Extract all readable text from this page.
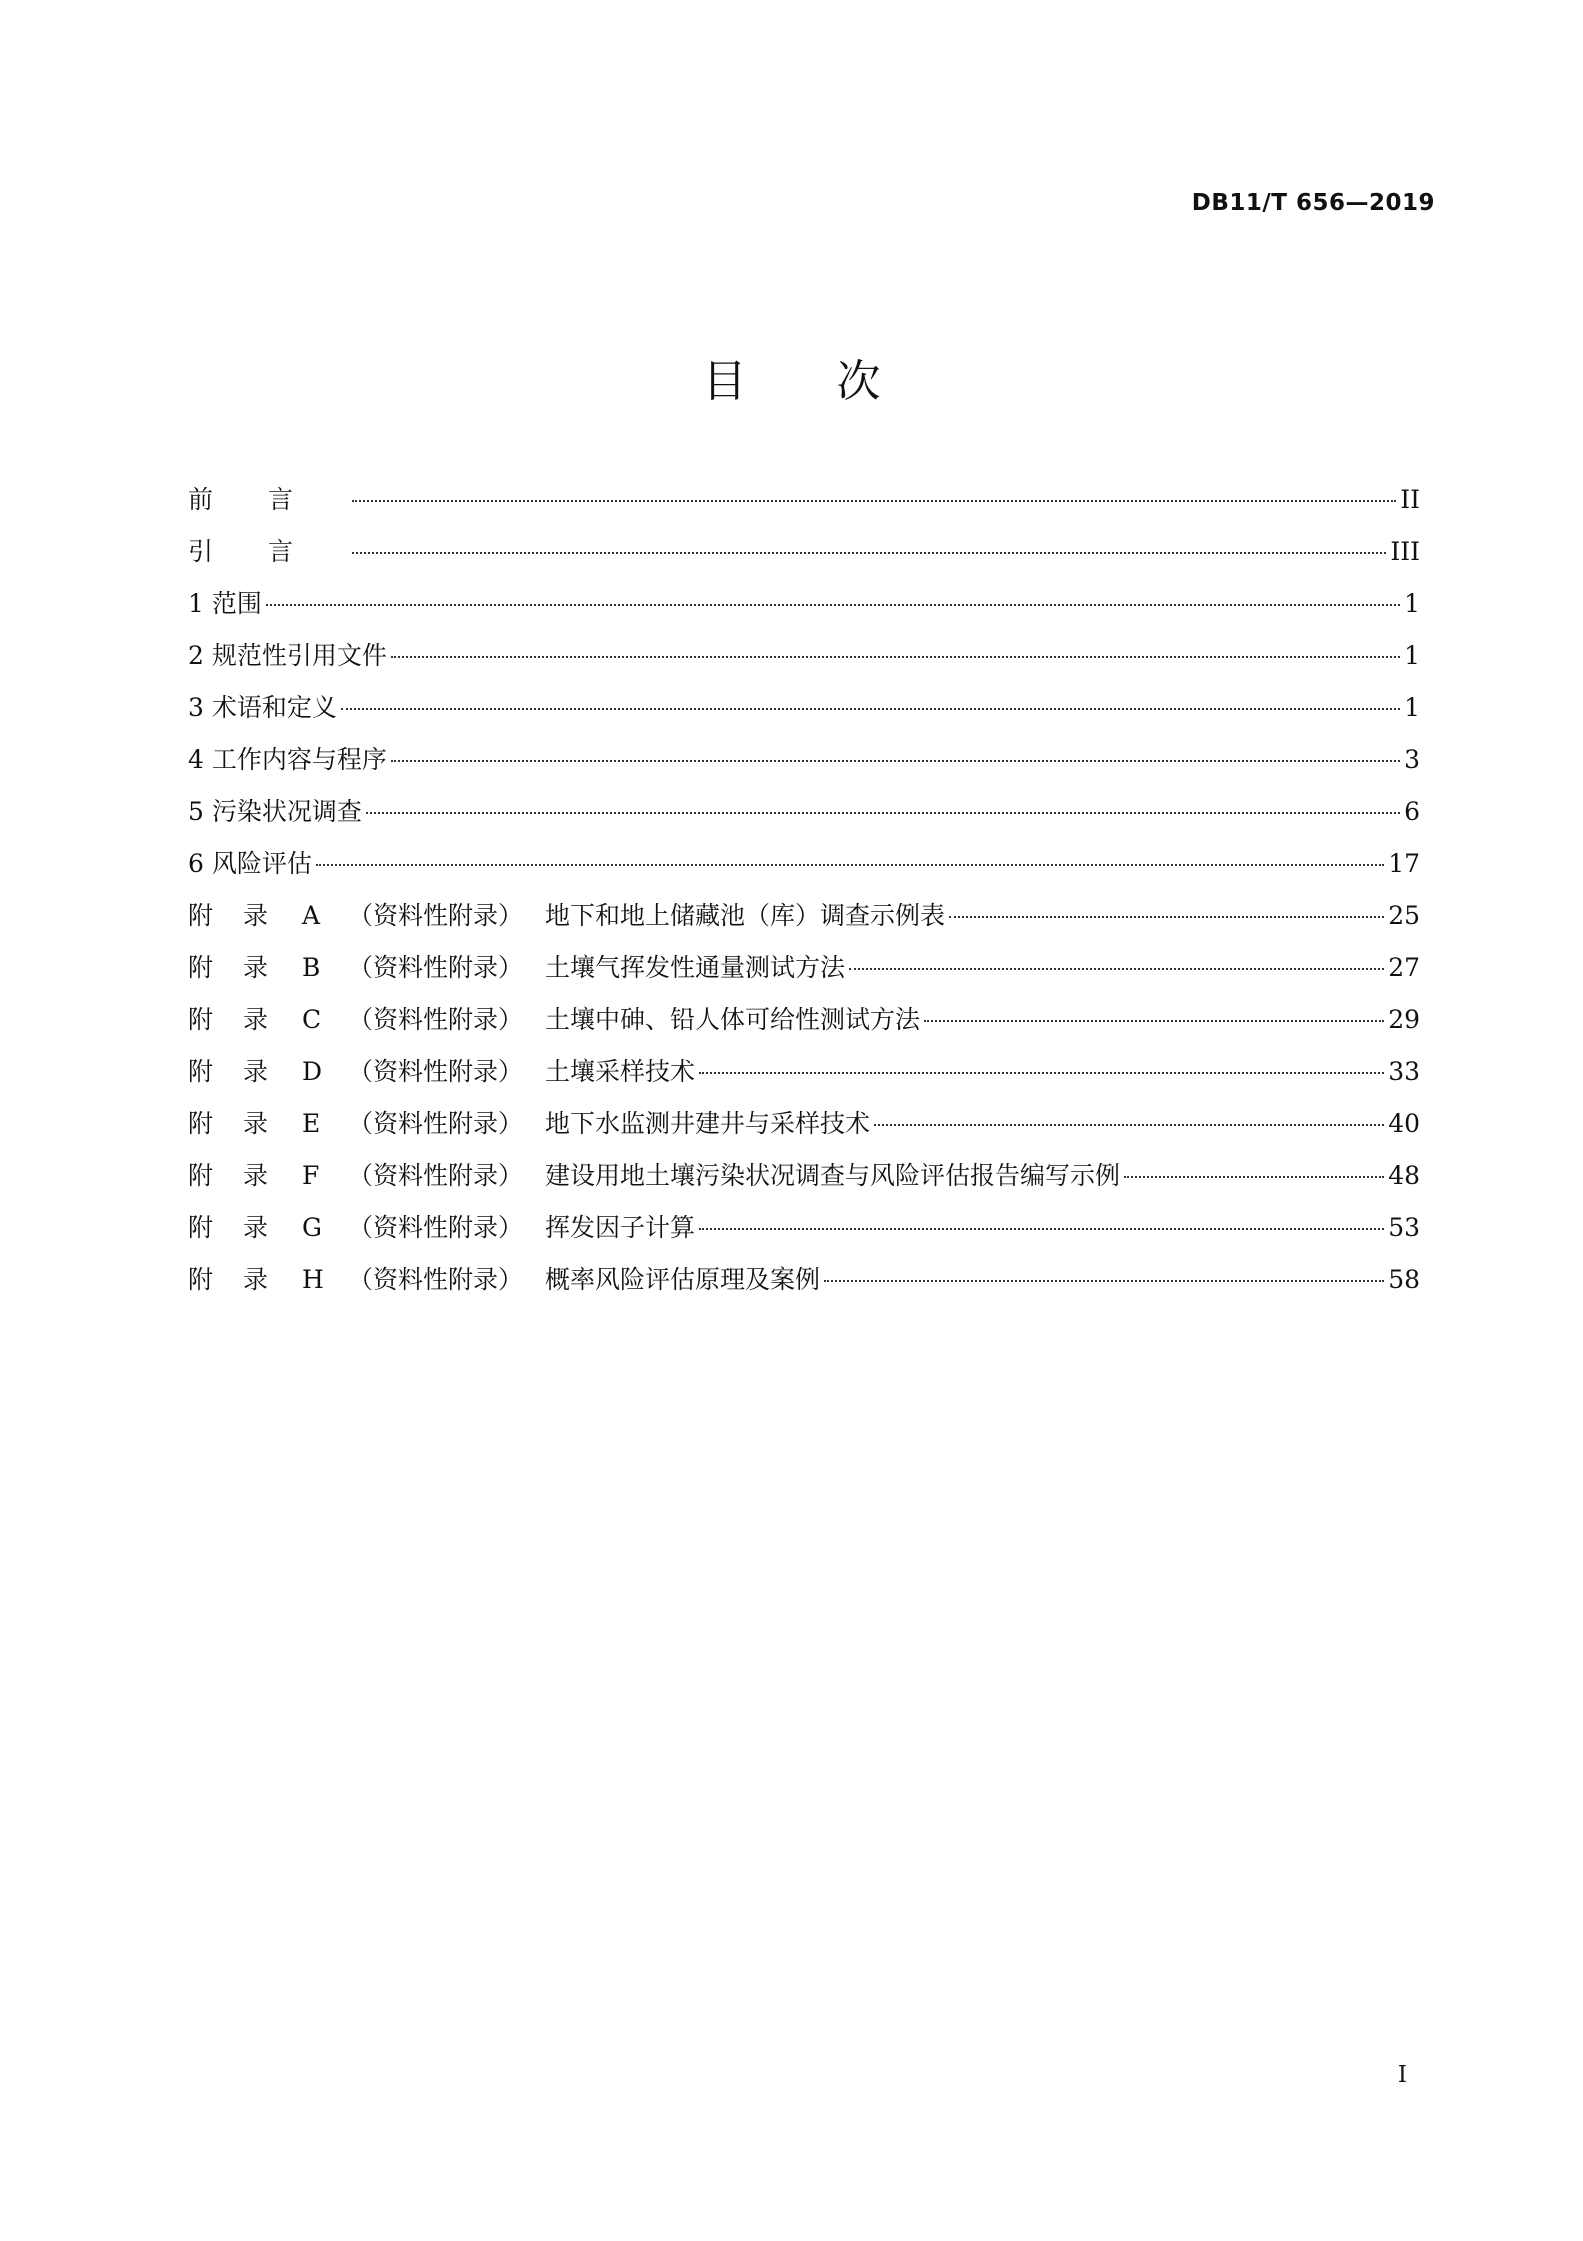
DB11/T 656—2019
目次
前言	II
引言	III
1 范围	1
2 规范性引用文件	1
3 术语和定义	1
4 工作内容与程序	3
5 污染状况调查	6
6 风险评估	17
附 录 A （资料性附录） 地下和地上储藏池（库）调查示例表	25
附 录 B （资料性附录） 土壤气挥发性通量测试方法	27
附 录 C （资料性附录） 土壤中砷、铅人体可给性测试方法	29
附 录 D （资料性附录） 土壤采样技术	33
附 录 E （资料性附录） 地下水监测井建井与采样技术	40
附 录 F （资料性附录） 建设用地土壤污染状况调查与风险评估报告编写示例	48
附 录 G （资料性附录） 挥发因子计算	53
附 录 H （资料性附录） 概率风险评估原理及案例	58
I
